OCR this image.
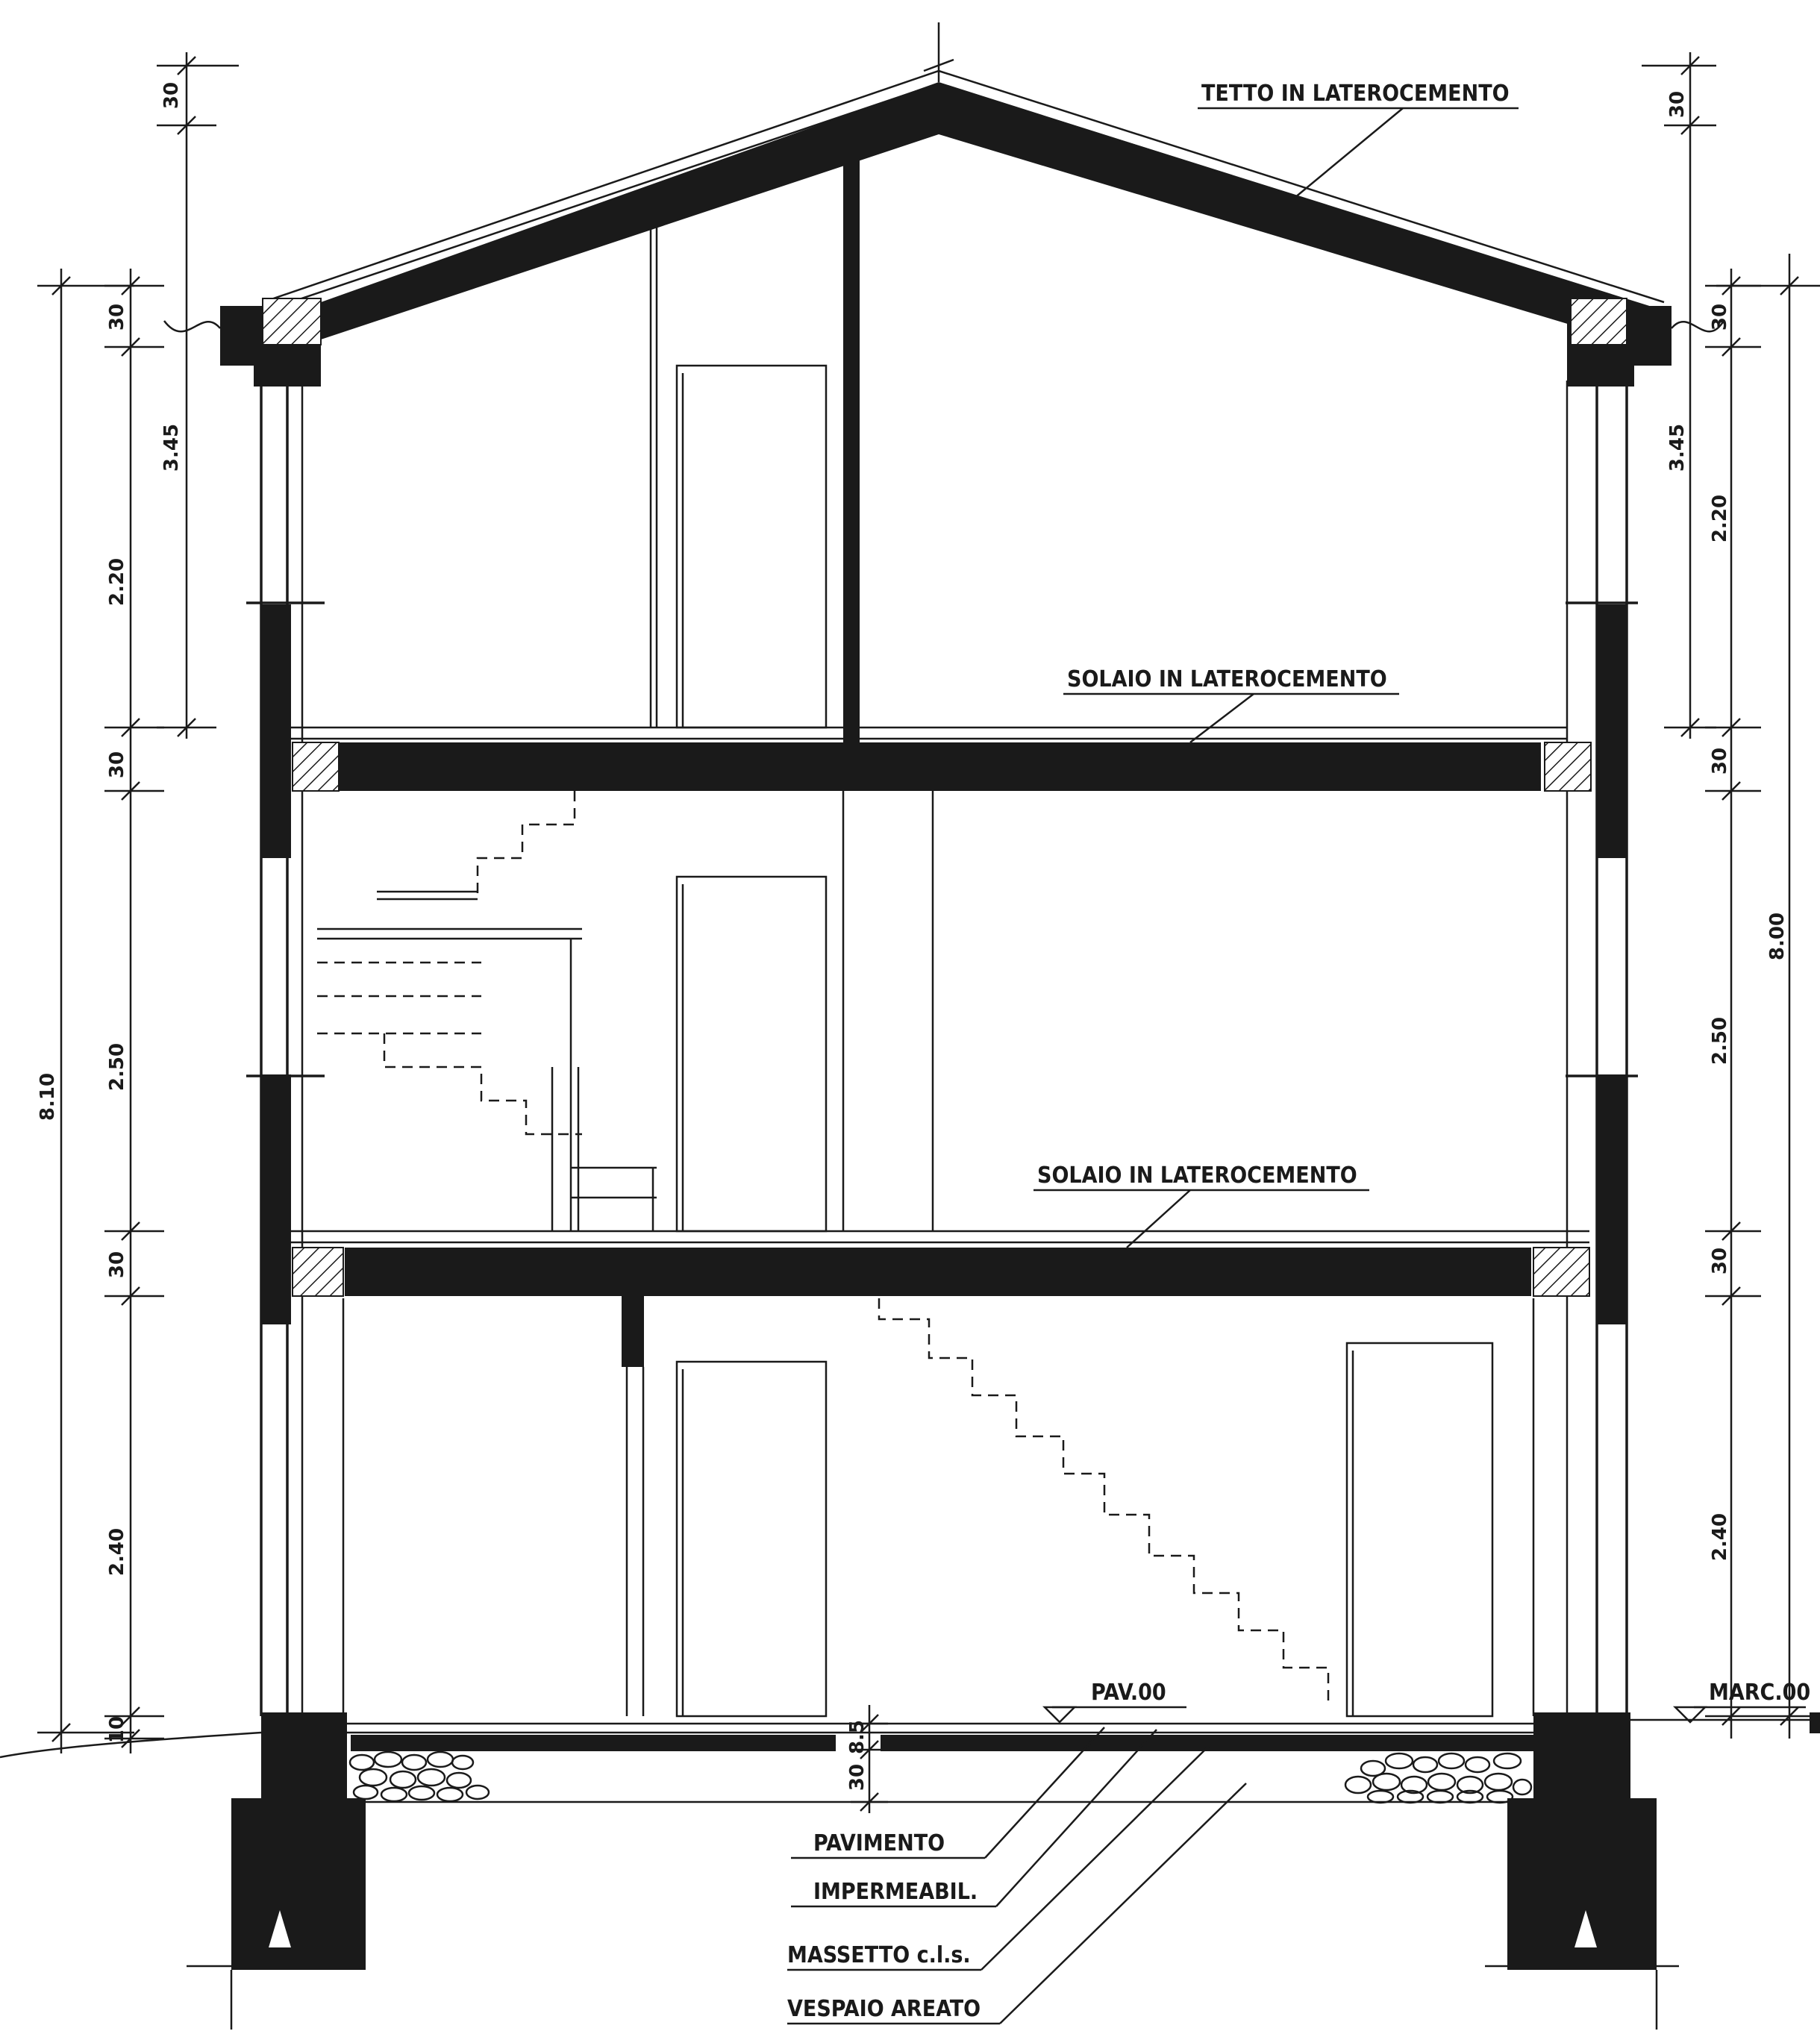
30
3.45
8.10
30
2.20
30
2.50
30
2.40
10
30
3.45
8.00
30
2.20
30
2.50
30
2.40
8.5
30
TETTO IN LATEROCEMENTO
SOLAIO IN LATEROCEMENTO
SOLAIO IN LATEROCEMENTO
PAV.00	MARC.00
PAVIMENTO
IMPERMEABIL.
MASSETTO c.l.s.
VESPAIO AREATO
